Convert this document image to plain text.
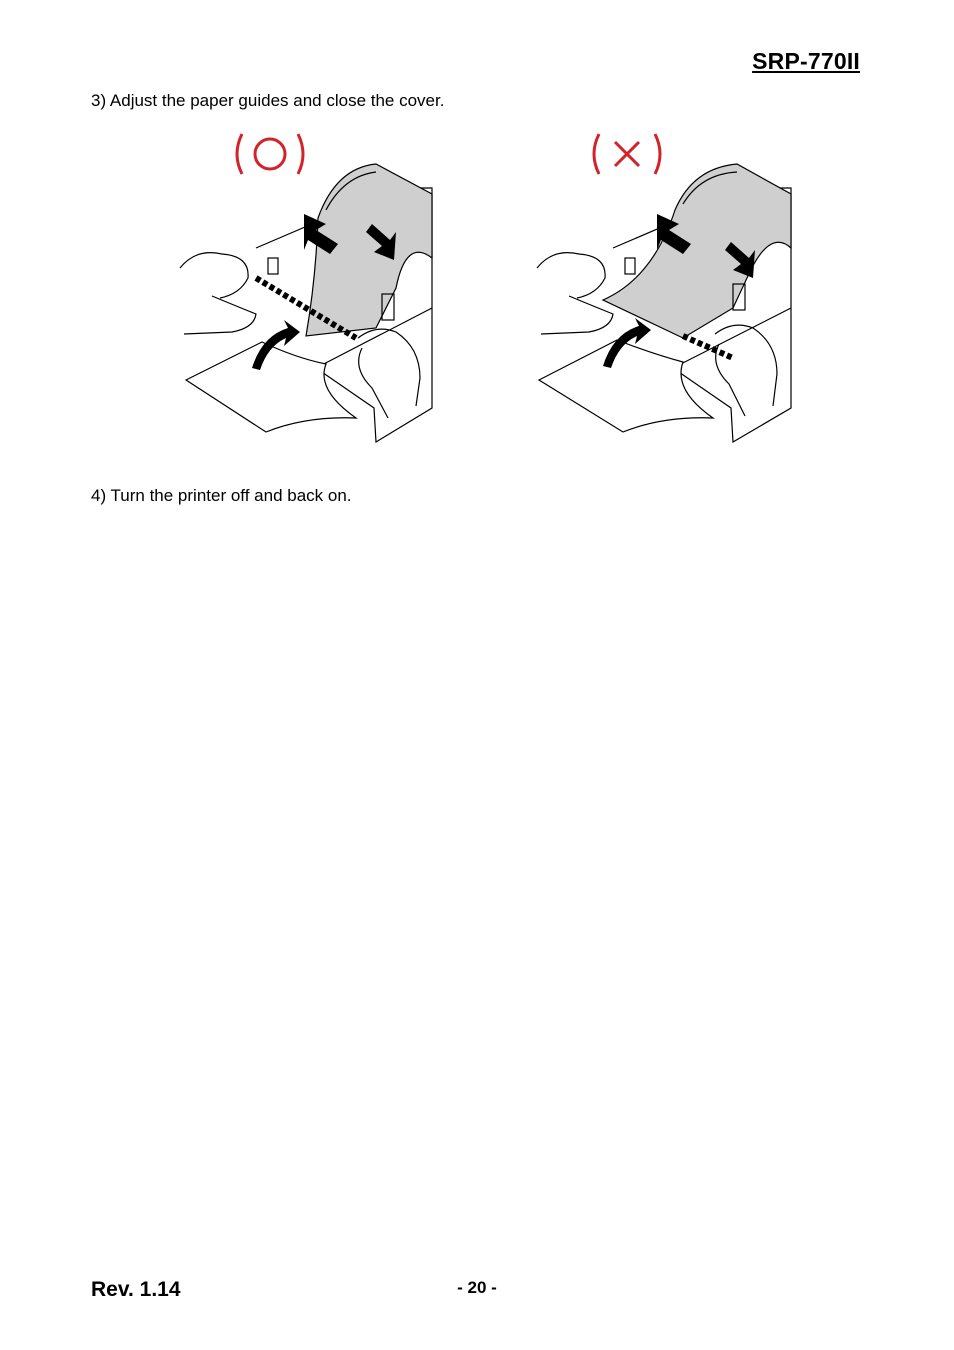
SRP-770II
3) Adjust the paper guides and close the cover.
4) Turn the printer off and back on.
Rev. 1.14	- 20 -
